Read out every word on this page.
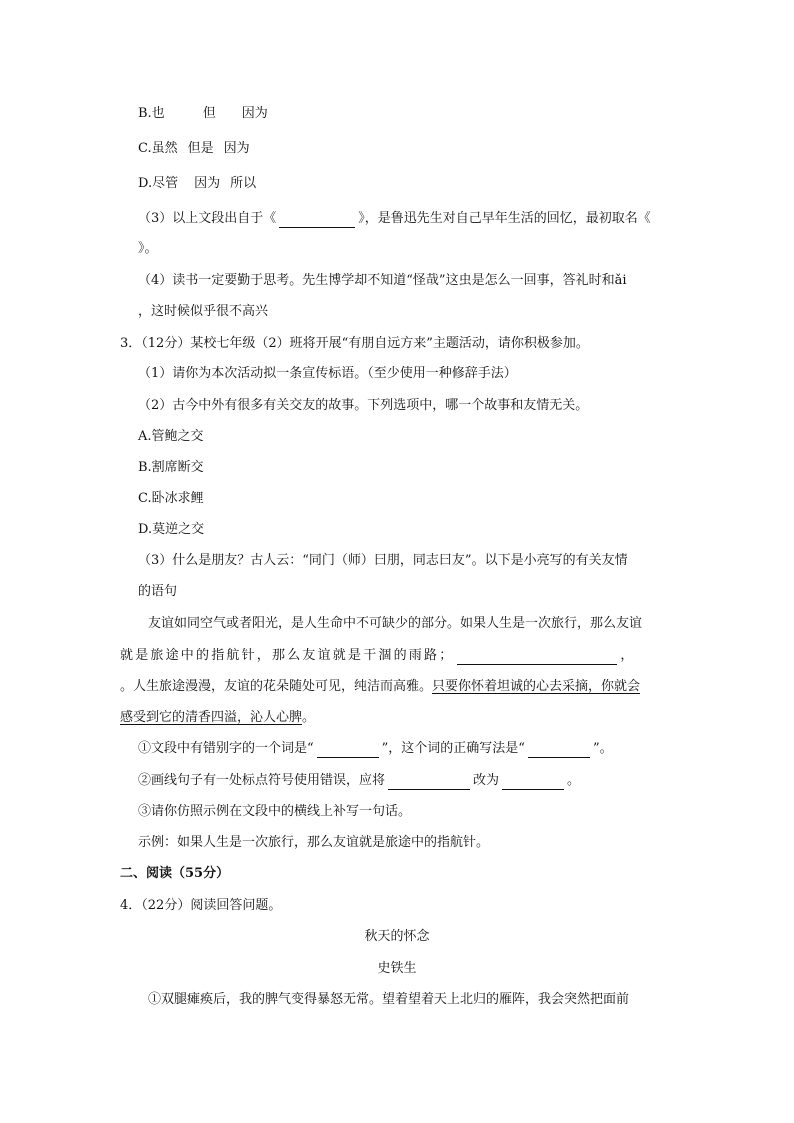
B.也	但 因为
C.虽然 但是 因为
D.尽管 因为 所以
（3）以上文段出自于《	》，是鲁迅先生对自己早年生活的回忆，最初取名《
》。
（4）读书一定要勤于思考。先生博学却不知道“怪哉”这虫是怎么一回事，答礼时和ǎi
，这时候似乎很不高兴
3．（12分）某校七年级（2）班将开展“有朋自远方来”主题活动，请你积极参加。
（1）请你为本次活动拟一条宣传标语。（至少使用一种修辞手法）
（2）古今中外有很多有关交友的故事。下列选项中，哪一个故事和友情无关。
A.管鲍之交
B.割席断交
C.卧冰求鲤
D.莫逆之交
（3）什么是朋友？古人云：“同门（师）曰朋，同志曰友”。以下是小亮写的有关友情
的语句
友谊如同空气或者阳光，是人生命中不可缺少的部分。如果人生是一次旅行，那么友谊
就是旅途中的指航针，那么友谊就是干涸的雨路；	，
。人生旅途漫漫，友谊的花朵随处可见，纯洁而高雅。只要你怀着坦诚的心去采摘，你就会
感受到它的清香四溢，沁人心脾。
①文段中有错别字的一个词是“	”，这个词的正确写法是“	”。
②画线句子有一处标点符号使用错误，应将	改为	。
③请你仿照示例在文段中的横线上补写一句话。
示例：如果人生是一次旅行，那么友谊就是旅途中的指航针。
二、阅读（55分）
4．（22分）阅读回答问题。
秋天的怀念
史铁生
①双腿瘫痪后，我的脾气变得暴怒无常。望着望着天上北归的雁阵，我会突然把面前
